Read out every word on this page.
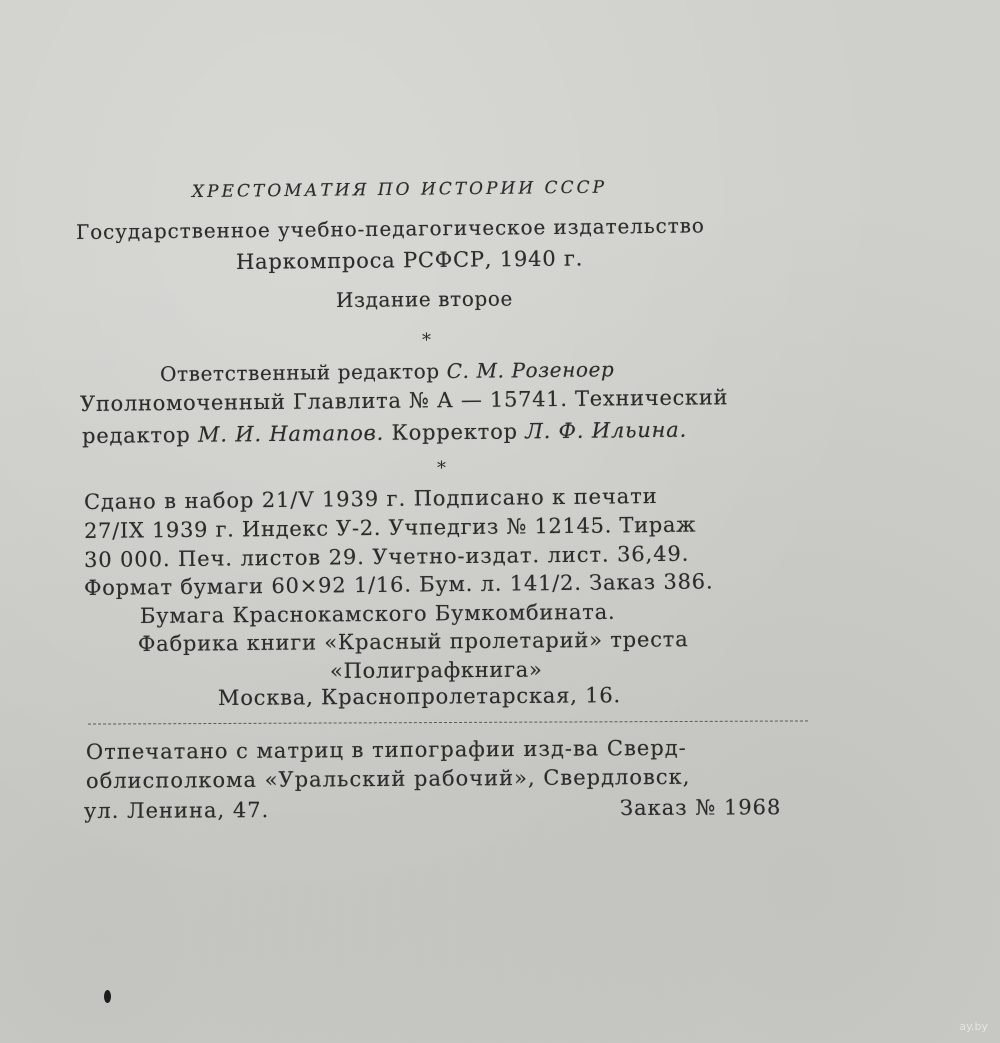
ХРЕСТОМАТИЯ ПО ИСТОРИИ СССР
Государственное учебно-педагогическое издательство
Наркомпроса РСФСР, 1940 г.
Издание второе
*
Ответственный редактор С. М. Розеноер
Уполномоченный Главлита № А — 15741. Технический
редактор М. И. Натапов. Корректор Л. Ф. Ильина.
*
Сдано в набор 21/V 1939 г. Подписано к печати
27/IX 1939 г. Индекс У-2. Учпедгиз № 12145. Тираж
30 000. Печ. листов 29. Учетно-издат. лист. 36,49.
Формат бумаги 60×92 1/16. Бум. л. 141/2. Заказ 386.
Бумага Краснокамского Бумкомбината.
Фабрика книги «Красный пролетарий» треста
«Полиграфкнига»
Москва, Краснопролетарская, 16.
Отпечатано с матриц в типографии изд-ва Сверд-
облисполкома «Уральский рабочий», Свердловск,
ул. Ленина, 47.	Заказ № 1968
ay.by
